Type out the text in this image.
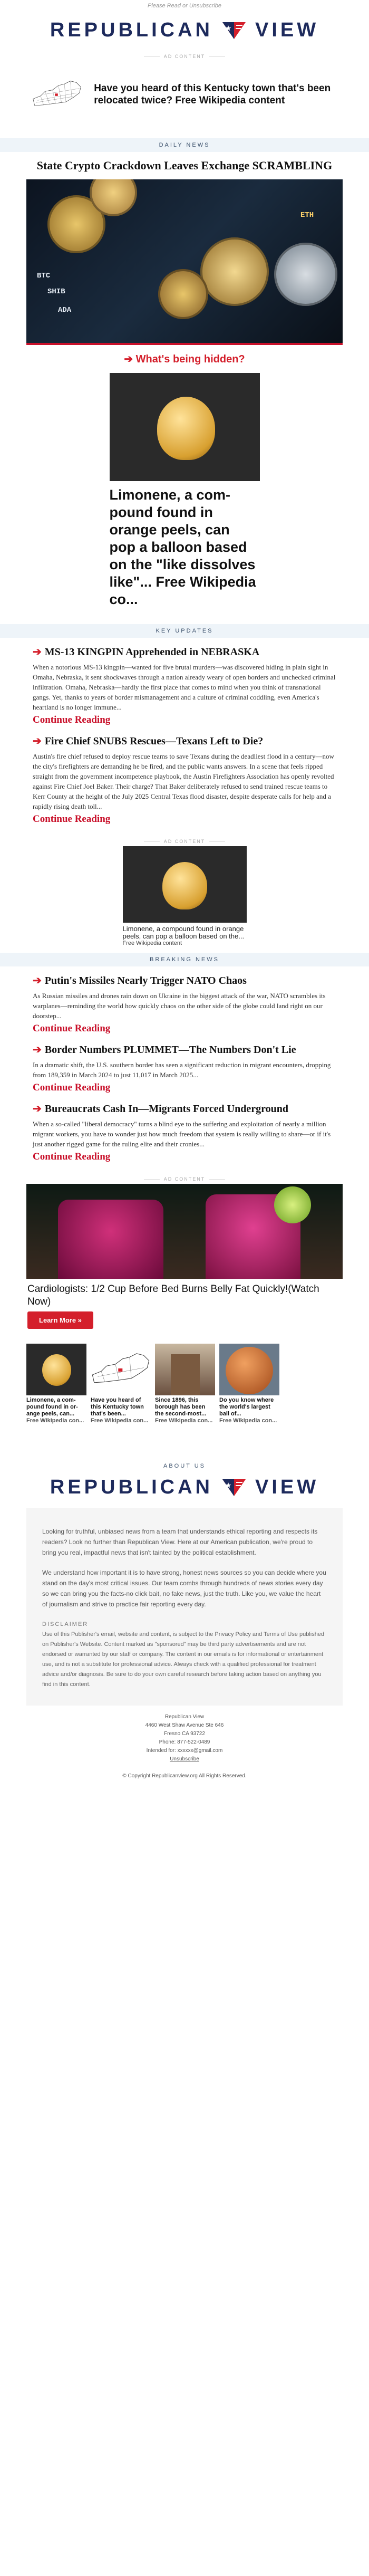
Please Read or Unsubscribe
REPUBLICAN VIEW
AD CONTENT
Have you heard of this Kentucky town that's been relocated twice? Free Wikipedia content
DAILY NEWS
State Crypto Crackdown Leaves Exchange SCRAMBLING
BTC
SHIB
ADA
ETH
➔ What's being hidden?
Limonene, a com-pound found in orange peels, can pop a balloon based on the "like dissolves like"... Free Wikipedia co...
KEY UPDATES
➔ MS-13 KINGPIN Apprehended in NEBRASKA

When a notorious MS-13 kingpin—wanted for five brutal murders—was discovered hiding in plain sight in Omaha, Nebraska, it sent shockwaves through a nation already weary of open borders and unchecked criminal infiltration. Omaha, Nebraska—hardly the first place that comes to mind when you think of transnational gangs. Yet, thanks to years of border mismanagement and a culture of criminal coddling, even America's heartland is no longer immune...

Continue Reading
➔ Fire Chief SNUBS Rescues—Texans Left to Die?

Austin's fire chief refused to deploy rescue teams to save Texans during the deadliest flood in a century—now the city's firefighters are demanding he be fired, and the public wants answers. In a scene that feels ripped straight from the government incompetence playbook, the Austin Firefighters Association has openly revolted against Fire Chief Joel Baker. Their charge? That Baker deliberately refused to send trained rescue teams to Kerr County at the height of the July 2025 Central Texas flood disaster, despite desperate calls for help and a rapidly rising death toll...

Continue Reading
AD CONTENT
Limonene, a compound found in orange peels, can pop a balloon based on the...
Free Wikipedia content
BREAKING NEWS
➔ Putin's Missiles Nearly Trigger NATO Chaos

As Russian missiles and drones rain down on Ukraine in the biggest attack of the war, NATO scrambles its warplanes—reminding the world how quickly chaos on the other side of the globe could land right on our doorstep...

Continue Reading
➔ Border Numbers PLUMMET—The Numbers Don't Lie

In a dramatic shift, the U.S. southern border has seen a significant reduction in migrant encounters, dropping from 189,359 in March 2024 to just 11,017 in March 2025...

Continue Reading
➔ Bureaucrats Cash In—Migrants Forced Underground

When a so-called "liberal democracy" turns a blind eye to the suffering and exploitation of nearly a million migrant workers, you have to wonder just how much freedom that system is really willing to share—or if it's just another rigged game for the ruling elite and their cronies...

Continue Reading
AD CONTENT
Cardiologists: 1/2 Cup Before Bed Burns Belly Fat Quickly!(Watch Now)
Learn More »
Limonene, a com-pound found in or-ange peels, can...
Free Wikipedia con...
Have you heard of this Kentucky town that's been...
Free Wikipedia con...
Since 1896, this borough has been the second-most...
Free Wikipedia con...
Do you know where the world's largest ball of...
Free Wikipedia con...
ABOUT US
REPUBLICAN VIEW

Looking for truthful, unbiased news from a team that understands ethical reporting and respects its readers? Look no further than Republican View. Here at our American publication, we're proud to bring you real, impactful news that isn't tainted by the political establishment.

We understand how important it is to have strong, honest news sources so you can decide where you stand on the day's most critical issues. Our team combs through hundreds of news stories every day so we can bring you the facts-no click bait, no fake news, just the truth. Like you, we value the heart of journalism and strive to practice fair reporting every day.

DISCLAIMER
Use of this Publisher's email, website and content, is subject to the Privacy Policy and Terms of Use published on Publisher's Website. Content marked as "sponsored" may be third party advertisements and are not endorsed or warranted by our staff or company. The content in our emails is for informational or entertainment use, and is not a substitute for professional advice. Always check with a qualified professional for treatment advice and/or diagnosis. Be sure to do your own careful research before taking action based on anything you find in this content.
Republican View
4460 West Shaw Avenue Ste 646
Fresno CA 93722
Phone: 877-522-0489
Intended for: xxxxxx@gmail.com
Unsubscribe
© Copyright Republicanview.org All Rights Reserved.
